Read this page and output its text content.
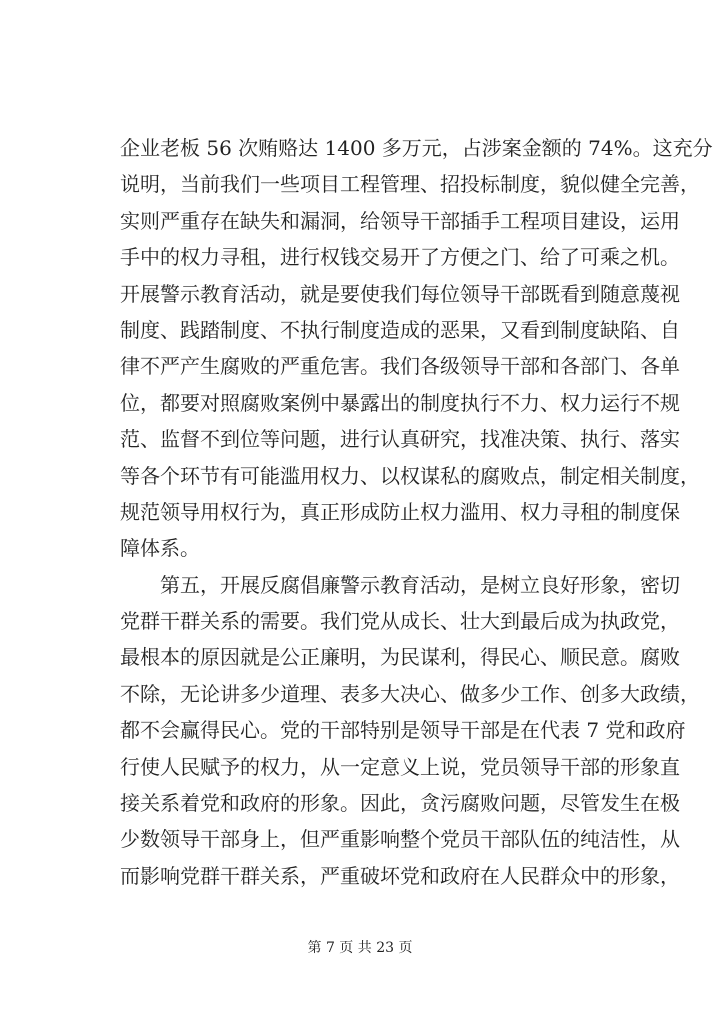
企业老板 56 次贿赂达 1400 多万元，占涉案金额的 74%。这充分
说明，当前我们一些项目工程管理、招投标制度，貌似健全完善，
实则严重存在缺失和漏洞，给领导干部插手工程项目建设，运用
手中的权力寻租，进行权钱交易开了方便之门、给了可乘之机。
开展警示教育活动，就是要使我们每位领导干部既看到随意蔑视
制度、践踏制度、不执行制度造成的恶果，又看到制度缺陷、自
律不严产生腐败的严重危害。我们各级领导干部和各部门、各单
位，都要对照腐败案例中暴露出的制度执行不力、权力运行不规
范、监督不到位等问题，进行认真研究，找准决策、执行、落实
等各个环节有可能滥用权力、以权谋私的腐败点，制定相关制度，
规范领导用权行为，真正形成防止权力滥用、权力寻租的制度保
障体系。
第五，开展反腐倡廉警示教育活动，是树立良好形象，密切
党群干群关系的需要。我们党从成长、壮大到最后成为执政党，
最根本的原因就是公正廉明，为民谋利，得民心、顺民意。腐败
不除，无论讲多少道理、表多大决心、做多少工作、创多大政绩，
都不会赢得民心。党的干部特别是领导干部是在代表 7 党和政府
行使人民赋予的权力，从一定意义上说，党员领导干部的形象直
接关系着党和政府的形象。因此，贪污腐败问题，尽管发生在极
少数领导干部身上，但严重影响整个党员干部队伍的纯洁性，从
而影响党群干群关系，严重破坏党和政府在人民群众中的形象，
第 7 页 共 23 页
